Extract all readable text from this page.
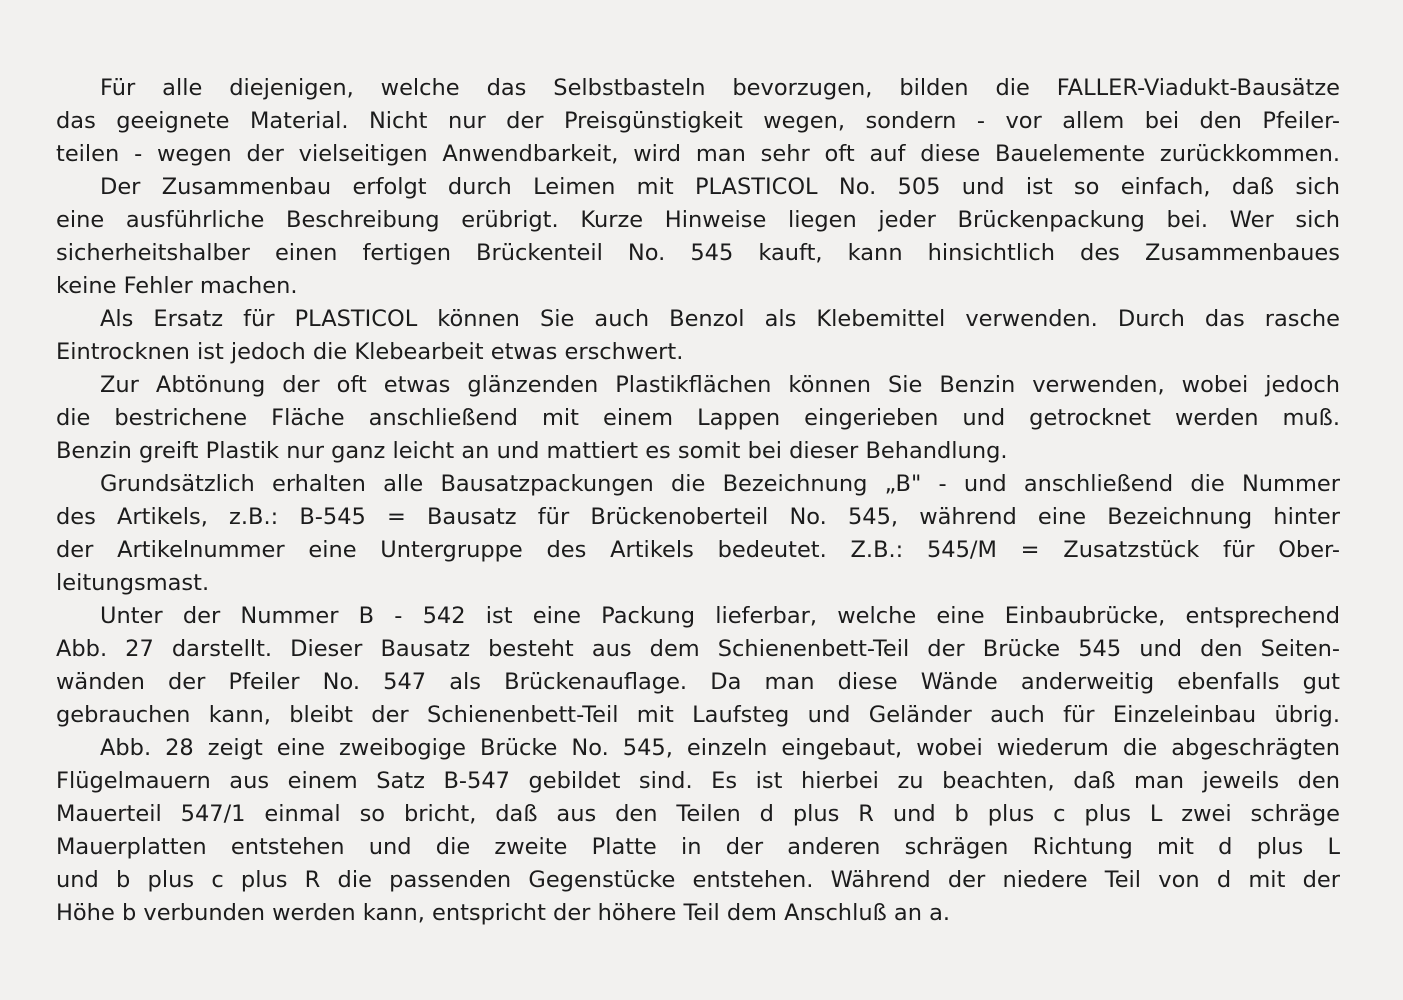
Für alle diejenigen, welche das Selbstbasteln bevorzugen, bilden die FALLER-Viadukt-Bausätze
das geeignete Material. Nicht nur der Preisgünstigkeit wegen, sondern - vor allem bei den Pfeiler-
teilen - wegen der vielseitigen Anwendbarkeit, wird man sehr oft auf diese Bauelemente zurückkommen.
Der Zusammenbau erfolgt durch Leimen mit PLASTICOL No. 505 und ist so einfach, daß sich
eine ausführliche Beschreibung erübrigt. Kurze Hinweise liegen jeder Brückenpackung bei. Wer sich
sicherheitshalber einen fertigen Brückenteil No. 545 kauft, kann hinsichtlich des Zusammenbaues
keine Fehler machen.
Als Ersatz für PLASTICOL können Sie auch Benzol als Klebemittel verwenden. Durch das rasche
Eintrocknen ist jedoch die Klebearbeit etwas erschwert.
Zur Abtönung der oft etwas glänzenden Plastikflächen können Sie Benzin verwenden, wobei jedoch
die bestrichene Fläche anschließend mit einem Lappen eingerieben und getrocknet werden muß.
Benzin greift Plastik nur ganz leicht an und mattiert es somit bei dieser Behandlung.
Grundsätzlich erhalten alle Bausatzpackungen die Bezeichnung „B" - und anschließend die Nummer
des Artikels, z.B.: B-545 = Bausatz für Brückenoberteil No. 545, während eine Bezeichnung hinter
der Artikelnummer eine Untergruppe des Artikels bedeutet. Z.B.: 545/M = Zusatzstück für Ober-
leitungsmast.
Unter der Nummer B - 542 ist eine Packung lieferbar, welche eine Einbaubrücke, entsprechend
Abb. 27 darstellt. Dieser Bausatz besteht aus dem Schienenbett-Teil der Brücke 545 und den Seiten-
wänden der Pfeiler No. 547 als Brückenauflage. Da man diese Wände anderweitig ebenfalls gut
gebrauchen kann, bleibt der Schienenbett-Teil mit Laufsteg und Geländer auch für Einzeleinbau übrig.
Abb. 28 zeigt eine zweibogige Brücke No. 545, einzeln eingebaut, wobei wiederum die abgeschrägten
Flügelmauern aus einem Satz B-547 gebildet sind. Es ist hierbei zu beachten, daß man jeweils den
Mauerteil 547/1 einmal so bricht, daß aus den Teilen d plus R und b plus c plus L zwei schräge
Mauerplatten entstehen und die zweite Platte in der anderen schrägen Richtung mit d plus L
und b plus c plus R die passenden Gegenstücke entstehen. Während der niedere Teil von d mit der
Höhe b verbunden werden kann, entspricht der höhere Teil dem Anschluß an a.
